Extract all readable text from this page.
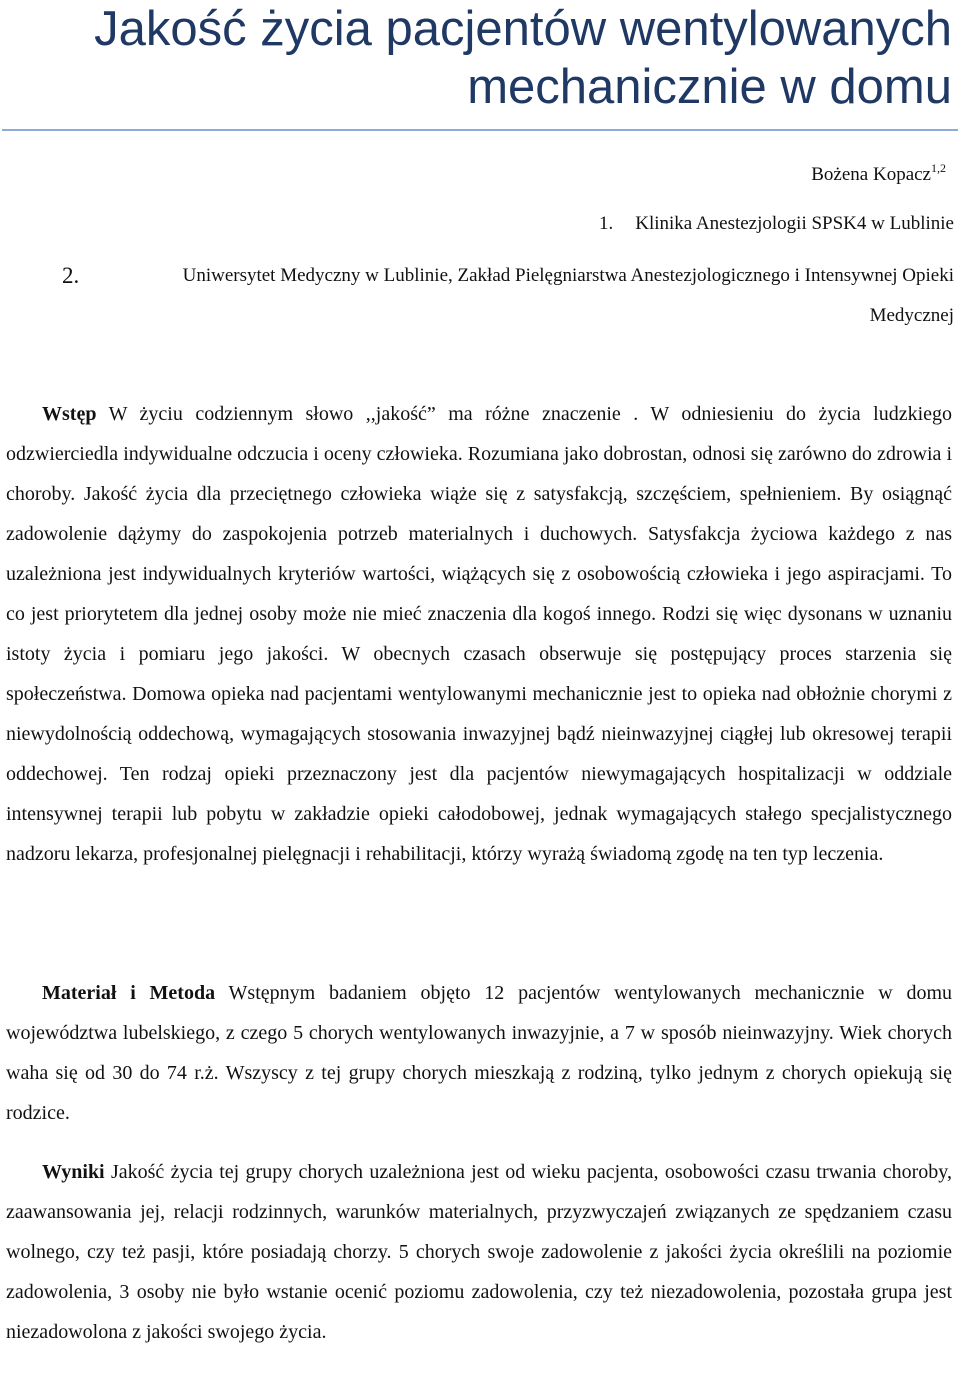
Jakość życia pacjentów wentylowanych
mechanicznie w domu
Bożena Kopacz$^{1,2}$
1. Klinika Anestezjologii SPSK4 w Lublinie
2.	Uniwersytet Medyczny w Lublinie, Zakład Pielęgniarstwa Anestezjologicznego i Intensywnej Opieki Medycznej

Wstęp W życiu codziennym słowo ,,jakość” ma różne znaczenie . W odniesieniu do życia ludzkiego odzwierciedla indywidualne odczucia i oceny człowieka. Rozumiana jako dobrostan, odnosi się zarówno do zdrowia i choroby. Jakość życia dla przeciętnego człowieka wiąże się z satysfakcją, szczęściem, spełnieniem. By osiągnąć zadowolenie dążymy do zaspokojenia potrzeb materialnych i duchowych. Satysfakcja życiowa każdego z nas uzależniona jest indywidualnych kryteriów wartości, wiążących się z osobowością człowieka i jego aspiracjami. To co jest priorytetem dla jednej osoby może nie mieć znaczenia dla kogoś innego. Rodzi się więc dysonans w uznaniu istoty życia i pomiaru jego jakości. W obecnych czasach obserwuje się postępujący proces starzenia się społeczeństwa. Domowa opieka nad pacjentami wentylowanymi mechanicznie jest to opieka nad obłożnie chorymi z niewydolnością oddechową, wymagających stosowania inwazyjnej bądź nieinwazyjnej ciągłej lub okresowej terapii oddechowej. Ten rodzaj opieki przeznaczony jest dla pacjentów niewymagających hospitalizacji w oddziale intensywnej terapii lub pobytu w zakładzie opieki całodobowej, jednak wymagających stałego specjalistycznego nadzoru lekarza, profesjonalnej pielęgnacji i rehabilitacji, którzy wyrażą świadomą zgodę na ten typ leczenia.

Materiał i Metoda Wstępnym badaniem objęto 12 pacjentów wentylowanych mechanicznie w domu województwa lubelskiego, z czego 5 chorych wentylowanych inwazyjnie, a 7 w sposób nieinwazyjny. Wiek chorych waha się od 30 do 74 r.ż. Wszyscy z tej grupy chorych mieszkają z rodziną, tylko jednym z chorych opiekują się rodzice.

Wyniki Jakość życia tej grupy chorych uzależniona jest od wieku pacjenta, osobowości czasu trwania choroby, zaawansowania jej, relacji rodzinnych, warunków materialnych, przyzwyczajeń związanych ze spędzaniem czasu wolnego, czy też pasji, które posiadają chorzy. 5 chorych swoje zadowolenie z jakości życia określili na poziomie zadowolenia, 3 osoby nie było wstanie ocenić poziomu zadowolenia, czy też niezadowolenia, pozostała grupa jest niezadowolona z jakości swojego życia.
